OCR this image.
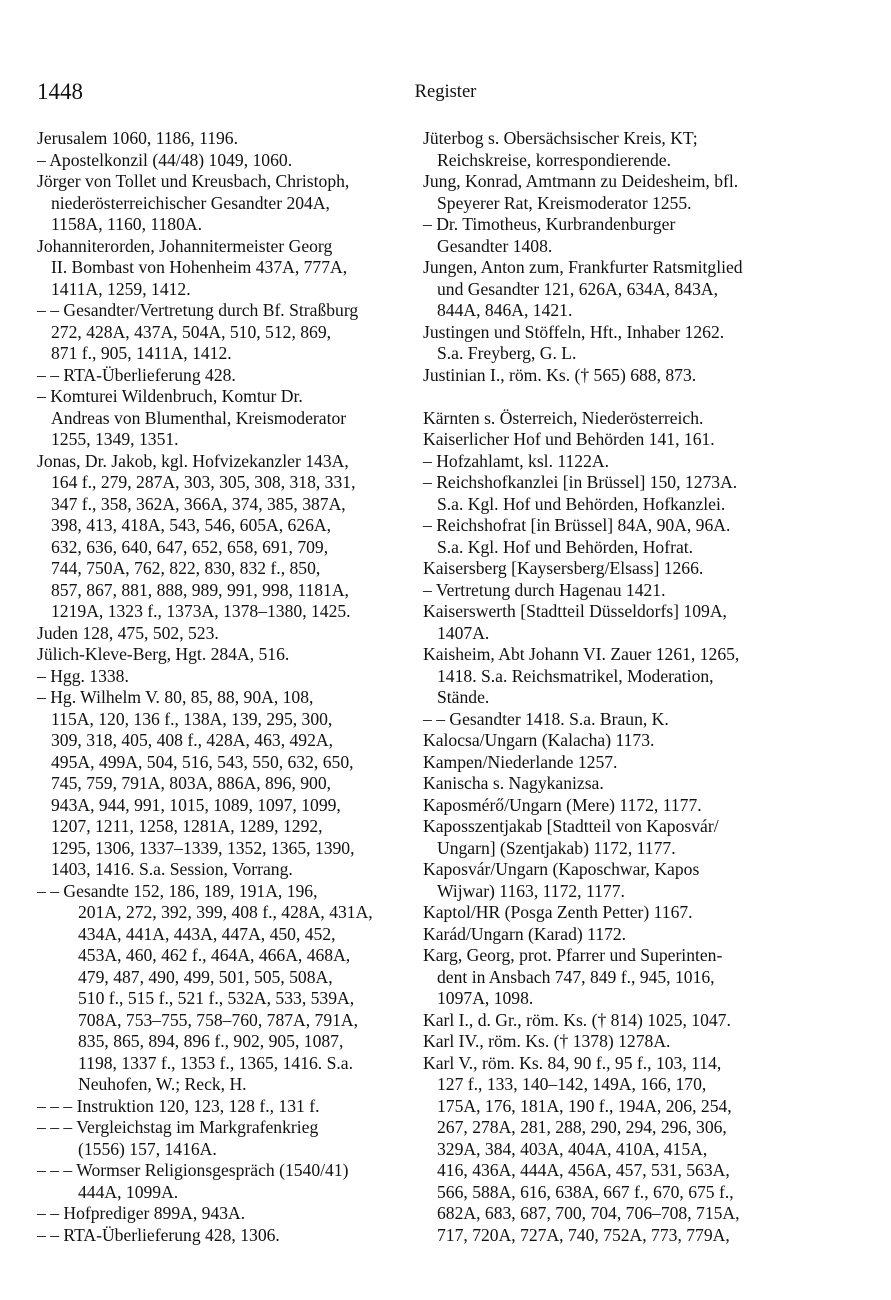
1448	Register

Jerusalem 1060, 1186, 1196.

– Apostelkonzil (44/48) 1049, 1060.

Jörger von Tollet und Kreusbach, Christoph,
niederösterreichischer Gesandter 204A,
1158A, 1160, 1180A.

Johanniterorden, Johannitermeister Georg
II. Bombast von Hohenheim 437A, 777A,
1411A, 1259, 1412.

– – Gesandter/Vertretung durch Bf. Straßburg
272, 428A, 437A, 504A, 510, 512, 869,
871 f., 905, 1411A, 1412.

– – RTA-Überlieferung 428.

– Komturei Wildenbruch, Komtur Dr.
Andreas von Blumenthal, Kreismoderator
1255, 1349, 1351.

Jonas, Dr. Jakob, kgl. Hofvizekanzler 143A,
164 f., 279, 287A, 303, 305, 308, 318, 331,
347 f., 358, 362A, 366A, 374, 385, 387A,
398, 413, 418A, 543, 546, 605A, 626A,
632, 636, 640, 647, 652, 658, 691, 709,
744, 750A, 762, 822, 830, 832 f., 850,
857, 867, 881, 888, 989, 991, 998, 1181A,
1219A, 1323 f., 1373A, 1378–1380, 1425.

Juden 128, 475, 502, 523.

Jülich-Kleve-Berg, Hgt. 284A, 516.

– Hgg. 1338.

– Hg. Wilhelm V. 80, 85, 88, 90A, 108,
115A, 120, 136 f., 138A, 139, 295, 300,
309, 318, 405, 408 f., 428A, 463, 492A,
495A, 499A, 504, 516, 543, 550, 632, 650,
745, 759, 791A, 803A, 886A, 896, 900,
943A, 944, 991, 1015, 1089, 1097, 1099,
1207, 1211, 1258, 1281A, 1289, 1292,
1295, 1306, 1337–1339, 1352, 1365, 1390,
1403, 1416. S.a. Session, Vorrang.

– – Gesandte 152, 186, 189, 191A, 196,
201A, 272, 392, 399, 408 f., 428A, 431A,
434A, 441A, 443A, 447A, 450, 452,
453A, 460, 462 f., 464A, 466A, 468A,
479, 487, 490, 499, 501, 505, 508A,
510 f., 515 f., 521 f., 532A, 533, 539A,
708A, 753–755, 758–760, 787A, 791A,
835, 865, 894, 896 f., 902, 905, 1087,
1198, 1337 f., 1353 f., 1365, 1416. S.a.
Neuhofen, W.; Reck, H.

– – – Instruktion 120, 123, 128 f., 131 f.

– – – Vergleichstag im Markgrafenkrieg
(1556) 157, 1416A.

– – – Wormser Religionsgespräch (1540/41)
444A, 1099A.

– – Hofprediger 899A, 943A.

– – RTA-Überlieferung 428, 1306.

Jüterbog s. Obersächsischer Kreis, KT;
Reichskreise, korrespondierende.

Jung, Konrad, Amtmann zu Deidesheim, bfl.
Speyerer Rat, Kreismoderator 1255.

– Dr. Timotheus, Kurbrandenburger
Gesandter 1408.

Jungen, Anton zum, Frankfurter Ratsmitglied
und Gesandter 121, 626A, 634A, 843A,
844A, 846A, 1421.

Justingen und Stöffeln, Hft., Inhaber 1262.
S.a. Freyberg, G. L.

Justinian I., röm. Ks. († 565) 688, 873.

Kärnten s. Österreich, Niederösterreich.

Kaiserlicher Hof und Behörden 141, 161.

– Hofzahlamt, ksl. 1122A.

– Reichshofkanzlei [in Brüssel] 150, 1273A.
S.a. Kgl. Hof und Behörden, Hofkanzlei.

– Reichshofrat [in Brüssel] 84A, 90A, 96A.
S.a. Kgl. Hof und Behörden, Hofrat.

Kaisersberg [Kaysersberg/Elsass] 1266.

– Vertretung durch Hagenau 1421.

Kaiserswerth [Stadtteil Düsseldorfs] 109A,
1407A.

Kaisheim, Abt Johann VI. Zauer 1261, 1265,
1418. S.a. Reichsmatrikel, Moderation,
Stände.

– – Gesandter 1418. S.a. Braun, K.

Kalocsa/Ungarn (Kalacha) 1173.

Kampen/Niederlande 1257.

Kanischa s. Nagykanizsa.

Kaposmérő/Ungarn (Mere) 1172, 1177.

Kaposszentjakab [Stadtteil von Kaposvár/
Ungarn] (Szentjakab) 1172, 1177.

Kaposvár/Ungarn (Kaposchwar, Kapos
Wijwar) 1163, 1172, 1177.

Kaptol/HR (Posga Zenth Petter) 1167.

Karád/Ungarn (Karad) 1172.

Karg, Georg, prot. Pfarrer und Superinten-
dent in Ansbach 747, 849 f., 945, 1016,
1097A, 1098.

Karl I., d. Gr., röm. Ks. († 814) 1025, 1047.

Karl IV., röm. Ks. († 1378) 1278A.

Karl V., röm. Ks. 84, 90 f., 95 f., 103, 114,
127 f., 133, 140–142, 149A, 166, 170,
175A, 176, 181A, 190 f., 194A, 206, 254,
267, 278A, 281, 288, 290, 294, 296, 306,
329A, 384, 403A, 404A, 410A, 415A,
416, 436A, 444A, 456A, 457, 531, 563A,
566, 588A, 616, 638A, 667 f., 670, 675 f.,
682A, 683, 687, 700, 704, 706–708, 715A,
717, 720A, 727A, 740, 752A, 773, 779A,
